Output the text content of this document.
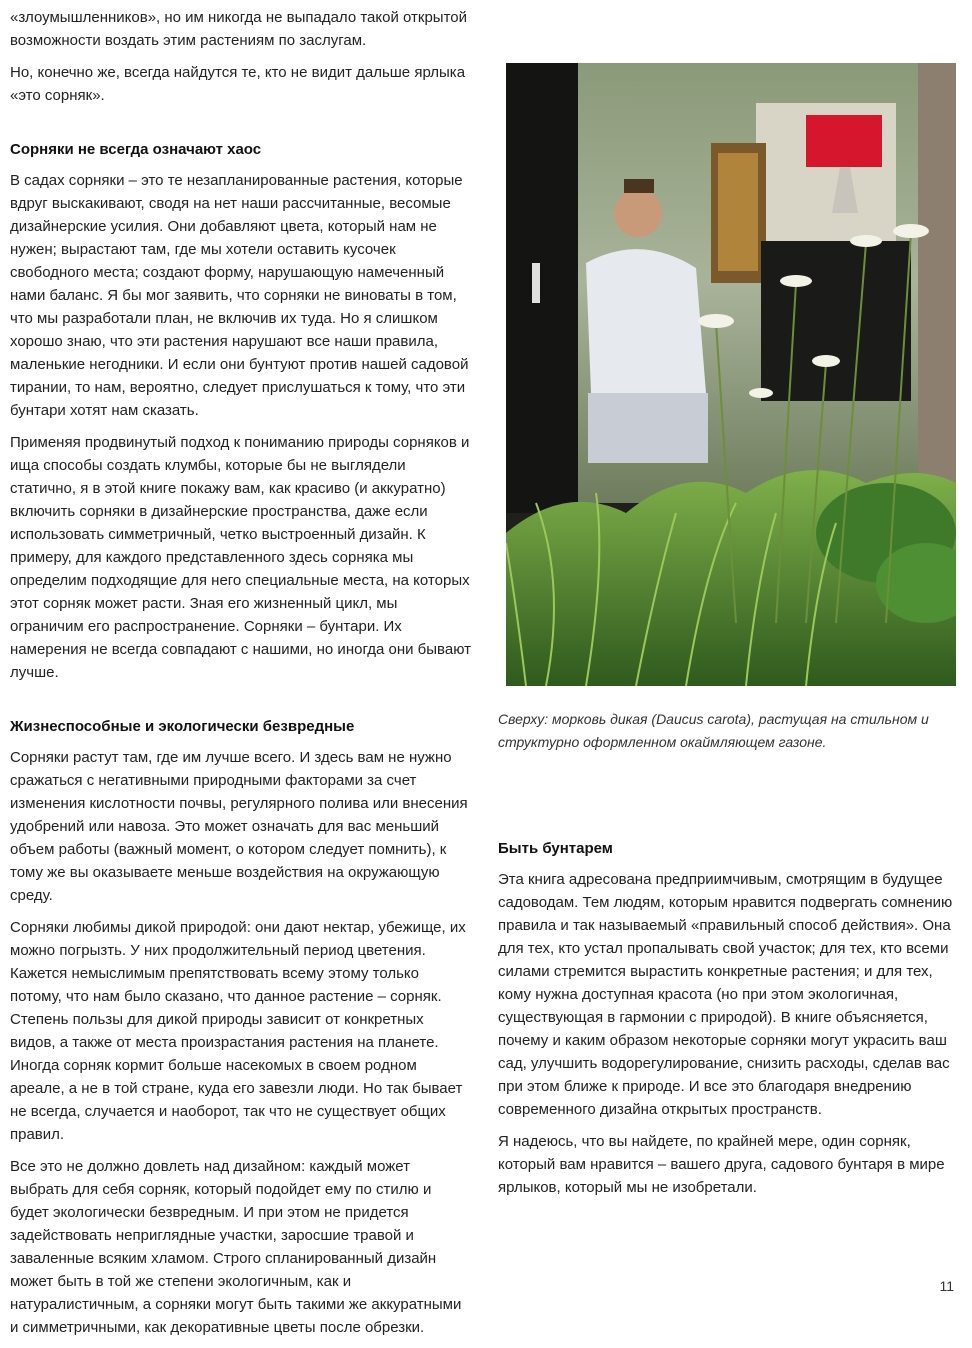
«злоумышленников», но им никогда не выпадало такой открытой возможности воздать этим растениям по заслугам.

Но, конечно же, всегда найдутся те, кто не видит дальше ярлыка «это сорняк».

Сорняки не всегда означают хаос

В садах сорняки – это те незапланированные растения, которые вдруг выскакивают, сводя на нет наши рассчитанные, весомые дизайнерские усилия. Они добавляют цвета, который нам не нужен; вырастают там, где мы хотели оставить кусочек свободного места; создают форму, нарушающую намеченный нами баланс. Я бы мог заявить, что сорняки не виноваты в том, что мы разработали план, не включив их туда. Но я слишком хорошо знаю, что эти растения нарушают все наши правила, маленькие негодники. И если они бунтуют против нашей садовой тирании, то нам, вероятно, следует прислушаться к тому, что эти бунтари хотят нам сказать.

Применяя продвинутый подход к пониманию природы сорняков и ища способы создать клумбы, которые бы не выглядели статично, я в этой книге покажу вам, как красиво (и аккуратно) включить сорняки в дизайнерские пространства, даже если использовать симметричный, четко выстроенный дизайн. К примеру, для каждого представленного здесь сорняка мы определим подходящие для него специальные места, на которых этот сорняк может расти. Зная его жизненный цикл, мы ограничим его распространение. Сорняки – бунтари. Их намерения не всегда совпадают с нашими, но иногда они бывают лучше.

Жизнеспособные и экологически безвредные

Сорняки растут там, где им лучше всего. И здесь вам не нужно сражаться с негативными природными факторами за счет изменения кислотности почвы, регулярного полива или внесения удобрений или навоза. Это может означать для вас меньший объем работы (важный момент, о котором следует помнить), к тому же вы оказываете меньше воздействия на окружающую среду.

Сорняки любимы дикой природой: они дают нектар, убежище, их можно погрызть. У них продолжительный период цветения. Кажется немыслимым препятствовать всему этому только потому, что нам было сказано, что данное растение – сорняк. Степень пользы для дикой природы зависит от конкретных видов, а также от места произрастания растения на планете. Иногда сорняк кормит больше насекомых в своем родном ареале, а не в той стране, куда его завезли люди. Но так бывает не всегда, случается и наоборот, так что не существует общих правил.

Все это не должно довлеть над дизайном: каждый может выбрать для себя сорняк, который подойдет ему по стилю и будет экологически безвредным. И при этом не придется задействовать неприглядные участки, заросшие травой и заваленные всяким хламом. Строго спланированный дизайн может быть в той же степени экологичным, как и натуралистичным, а сорняки могут быть такими же аккуратными и симметричными, как декоративные цветы после обрезки.

Сверху: морковь дикая (Daucus carota), растущая на стильном и структурно оформленном окаймляющем газоне.
Быть бунтарем

Эта книга адресована предприимчивым, смотрящим в будущее садоводам. Тем людям, которым нравится подвергать сомнению правила и так называемый «правильный способ действия». Она для тех, кто устал пропалывать свой участок; для тех, кто всеми силами стремится вырастить конкретные растения; и для тех, кому нужна доступная красота (но при этом экологичная, существующая в гармонии с природой). В книге объясняется, почему и каким образом некоторые сорняки могут украсить ваш сад, улучшить водорегулирование, снизить расходы, сделав вас при этом ближе к природе. И все это благодаря внедрению современного дизайна открытых пространств.

Я надеюсь, что вы найдете, по крайней мере, один сорняк, который вам нравится – вашего друга, садового бунтаря в мире ярлыков, который мы не изобретали.

11
